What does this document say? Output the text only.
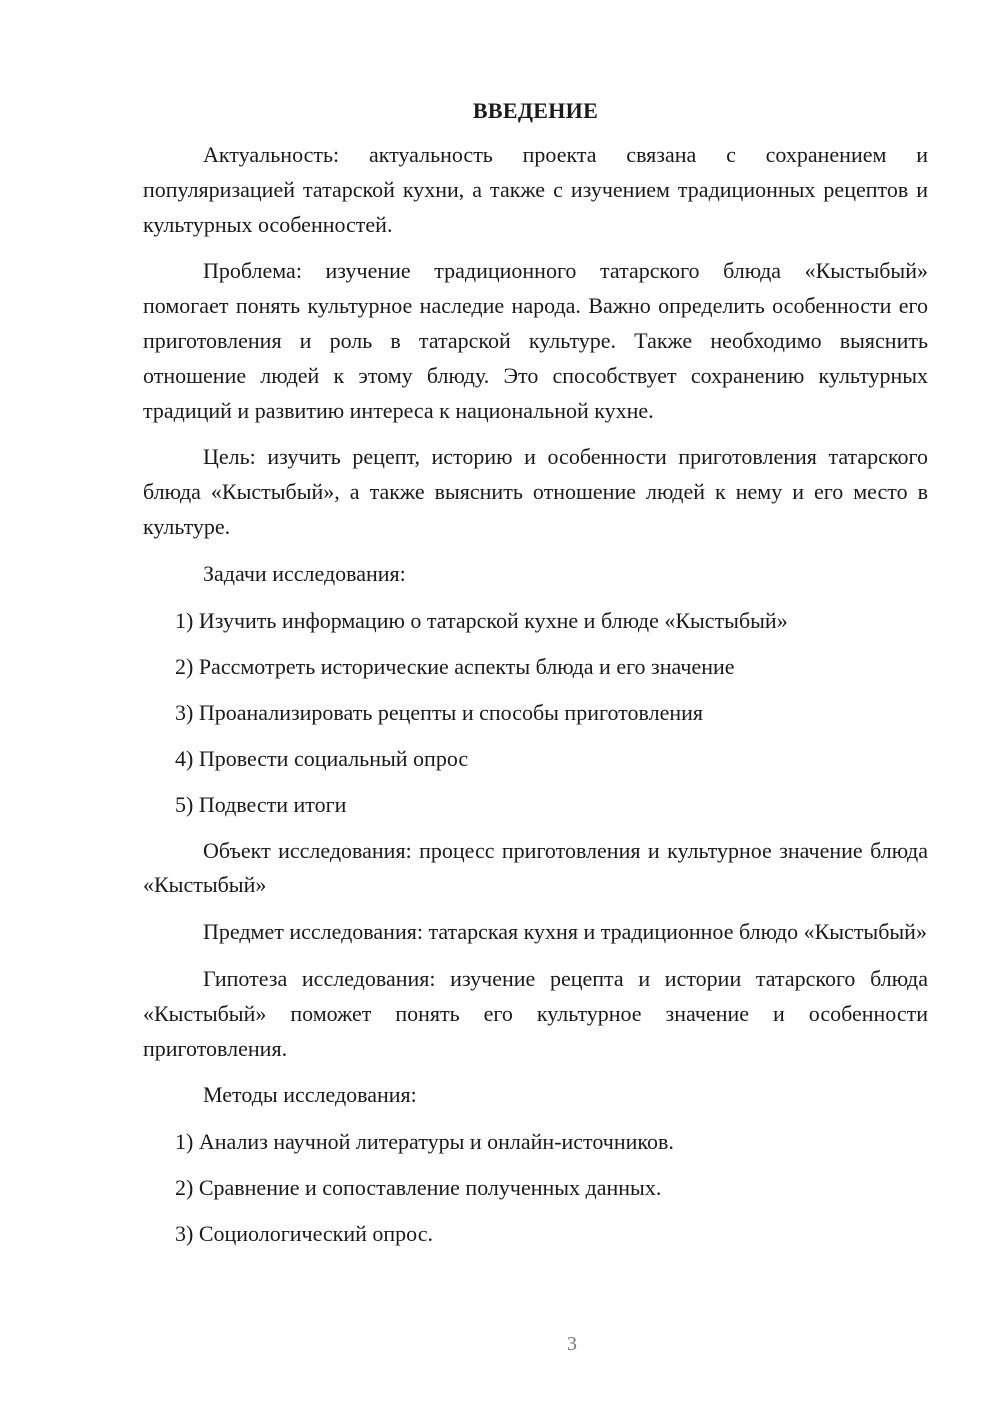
ВВЕДЕНИЕ

Актуальность: актуальность проекта связана с сохранением и популяризацией татарской кухни, а также с изучением традиционных рецептов и культурных особенностей.

Проблема: изучение традиционного татарского блюда «Кыстыбый» помогает понять культурное наследие народа. Важно определить особенности его приготовления и роль в татарской культуре. Также необходимо выяснить отношение людей к этому блюду. Это способствует сохранению культурных традиций и развитию интереса к национальной кухне.

Цель: изучить рецепт, историю и особенности приготовления татарского блюда «Кыстыбый», а также выяснить отношение людей к нему и его место в культуре.

Задачи исследования:

1) Изучить информацию о татарской кухне и блюде «Кыстыбый»

2) Рассмотреть исторические аспекты блюда и его значение

3) Проанализировать рецепты и способы приготовления

4) Провести социальный опрос

5) Подвести итоги

Объект исследования: процесс приготовления и культурное значение блюда «Кыстыбый»

Предмет исследования: татарская кухня и традиционное блюдо «Кыстыбый»

Гипотеза исследования: изучение рецепта и истории татарского блюда «Кыстыбый» поможет понять его культурное значение и особенности приготовления.

Методы исследования:

1) Анализ научной литературы и онлайн-источников.

2) Сравнение и сопоставление полученных данных.

3) Социологический опрос.

3
